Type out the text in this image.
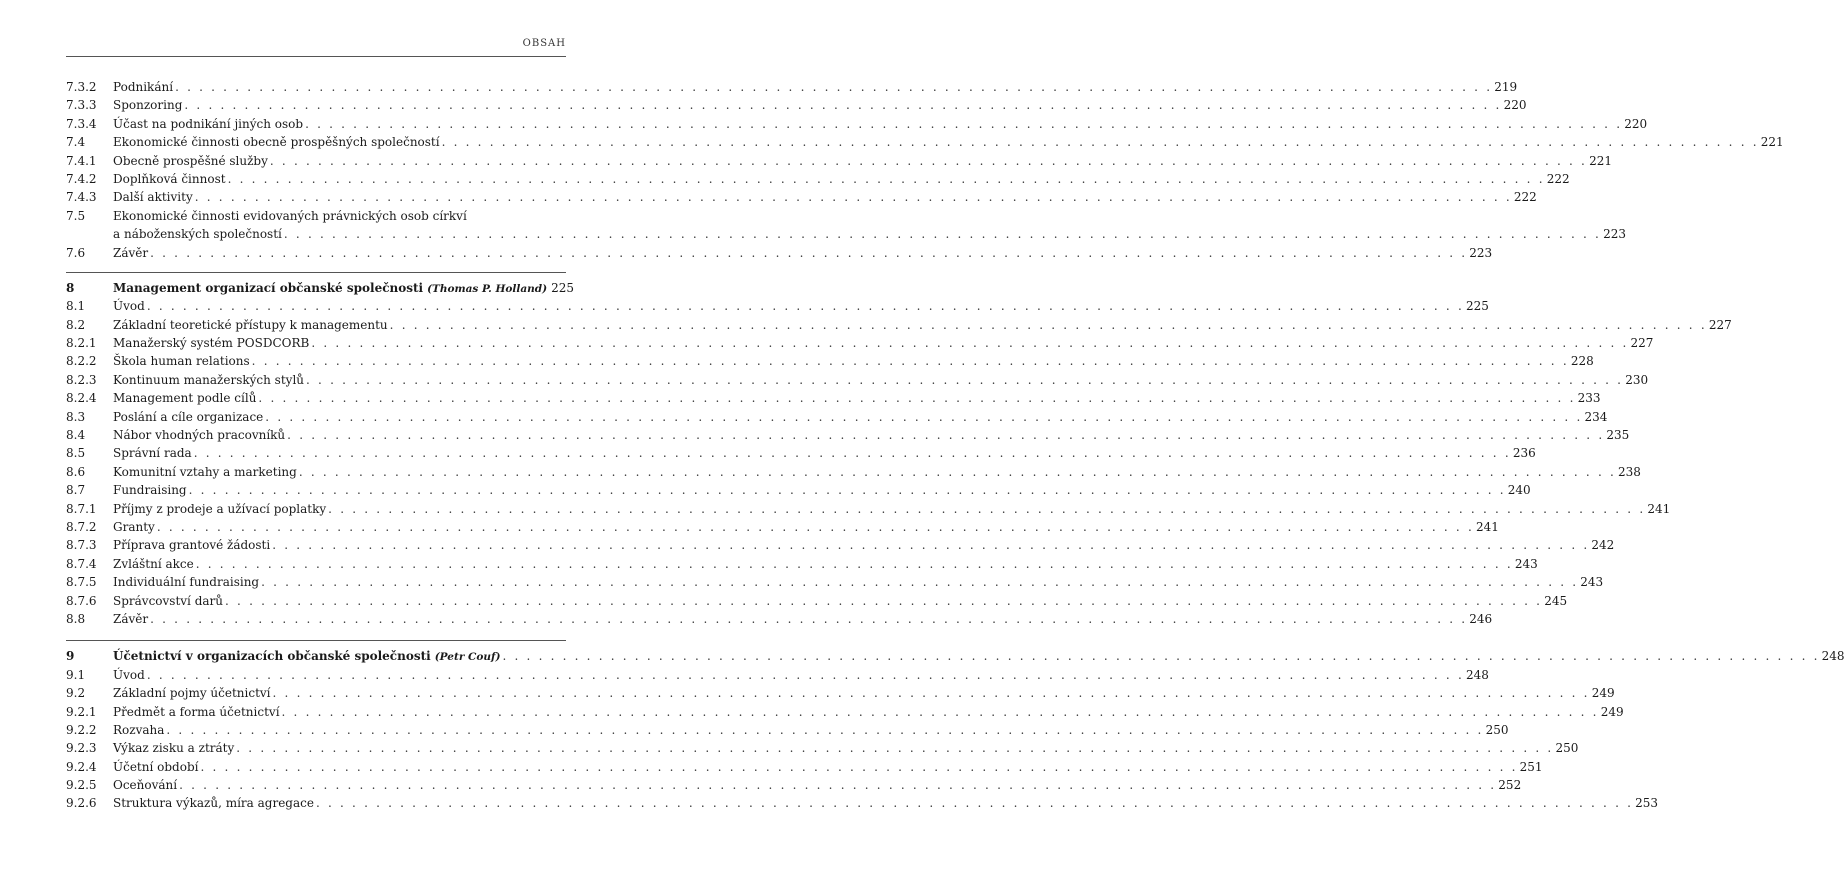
OBSAH
7.3.2	Podnikání . . .	219
7.3.3	Sponzoring . . .	220
7.3.4	Účast na podnikání jiných osob . . .	220
7.4	Ekonomické činnosti obecně prospěšných společností . . .	221
7.4.1	Obecně prospěšné služby . . .	221
7.4.2	Doplňková činnost . . .	222
7.4.3	Další aktivity . . .	222
7.5	Ekonomické činnosti evidovaných právnických osob církví
a náboženských společností . . .	223
7.6	Závěr . . .	223
8	Management organizací občanské společnosti (Thomas P. Holland) 225
8.1	Úvod . . .	225
8.2	Základní teoretické přístupy k managementu . . .	227
8.2.1	Manažerský systém POSDCORB . . .	227
8.2.2	Škola human relations . . .	228
8.2.3	Kontinuum manažerských stylů . . .	230
8.2.4	Management podle cílů . . .	233
8.3	Poslání a cíle organizace . . .	234
8.4	Nábor vhodných pracovníků . . .	235
8.5	Správní rada . . .	236
8.6	Komunitní vztahy a marketing . . .	238
8.7	Fundraising . . .	240
8.7.1	Příjmy z prodeje a užívací poplatky . . .	241
8.7.2	Granty . . .	241
8.7.3	Příprava grantové žádosti . . .	242
8.7.4	Zvláštní akce . . .	243
8.7.5	Individuální fundraising . . .	243
8.7.6	Správcovství darů . . .	245
8.8	Závěr . . .	246
9	Účetnictví v organizacích občanské společnosti (Petr Couf) . . .	248
9.1	Úvod . . .	248
9.2	Základní pojmy účetnictví . . .	249
9.2.1	Předmět a forma účetnictví . . .	249
9.2.2	Rozvaha . . .	250
9.2.3	Výkaz zisku a ztráty . . .	250
9.2.4	Účetní období . . .	251
9.2.5	Oceňování . . .	252
9.2.6	Struktura výkazů, míra agregace . . .	253
